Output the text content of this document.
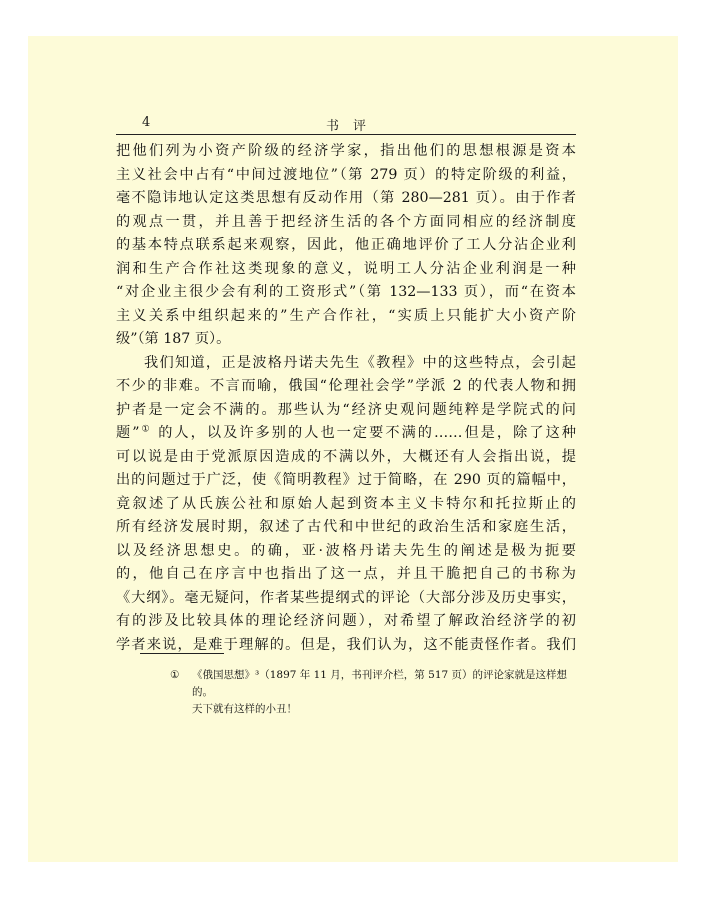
4	书评
把他们列为小资产阶级的经济学家，指出他们的思想根源是资本
主义社会中占有“中间过渡地位”（第 279 页）的特定阶级的利益，
毫不隐讳地认定这类思想有反动作用（第 280—281 页）。由于作者
的观点一贯，并且善于把经济生活的各个方面同相应的经济制度
的基本特点联系起来观察，因此，他正确地评价了工人分沾企业利
润和生产合作社这类现象的意义，说明工人分沾企业利润是一种
“对企业主很少会有利的工资形式”（第 132—133 页），而“在资本
主义关系中组织起来的”生产合作社，“实质上只能扩大小资产阶
级”（第 187 页）。
我们知道，正是波格丹诺夫先生《教程》中的这些特点，会引起
不少的非难。不言而喻，俄国“伦理社会学”学派 2 的代表人物和拥
护者是一定会不满的。那些认为“经济史观问题纯粹是学院式的问
题”① 的人，以及许多别的人也一定要不满的……但是，除了这种
可以说是由于党派原因造成的不满以外，大概还有人会指出说，提
出的问题过于广泛，使《简明教程》过于简略，在 290 页的篇幅中，
竟叙述了从氏族公社和原始人起到资本主义卡特尔和托拉斯止的
所有经济发展时期，叙述了古代和中世纪的政治生活和家庭生活，
以及经济思想史。的确，亚·波格丹诺夫先生的阐述是极为扼要
的，他自己在序言中也指出了这一点，并且干脆把自己的书称为
《大纲》。毫无疑问，作者某些提纲式的评论（大部分涉及历史事实，
有的涉及比较具体的理论经济问题），对希望了解政治经济学的初
学者来说，是难于理解的。但是，我们认为，这不能责怪作者。我们
①	《俄国思想》³（1897 年 11 月，书刊评介栏，第 517 页）的评论家就是这样想的。
天下就有这样的小丑！
